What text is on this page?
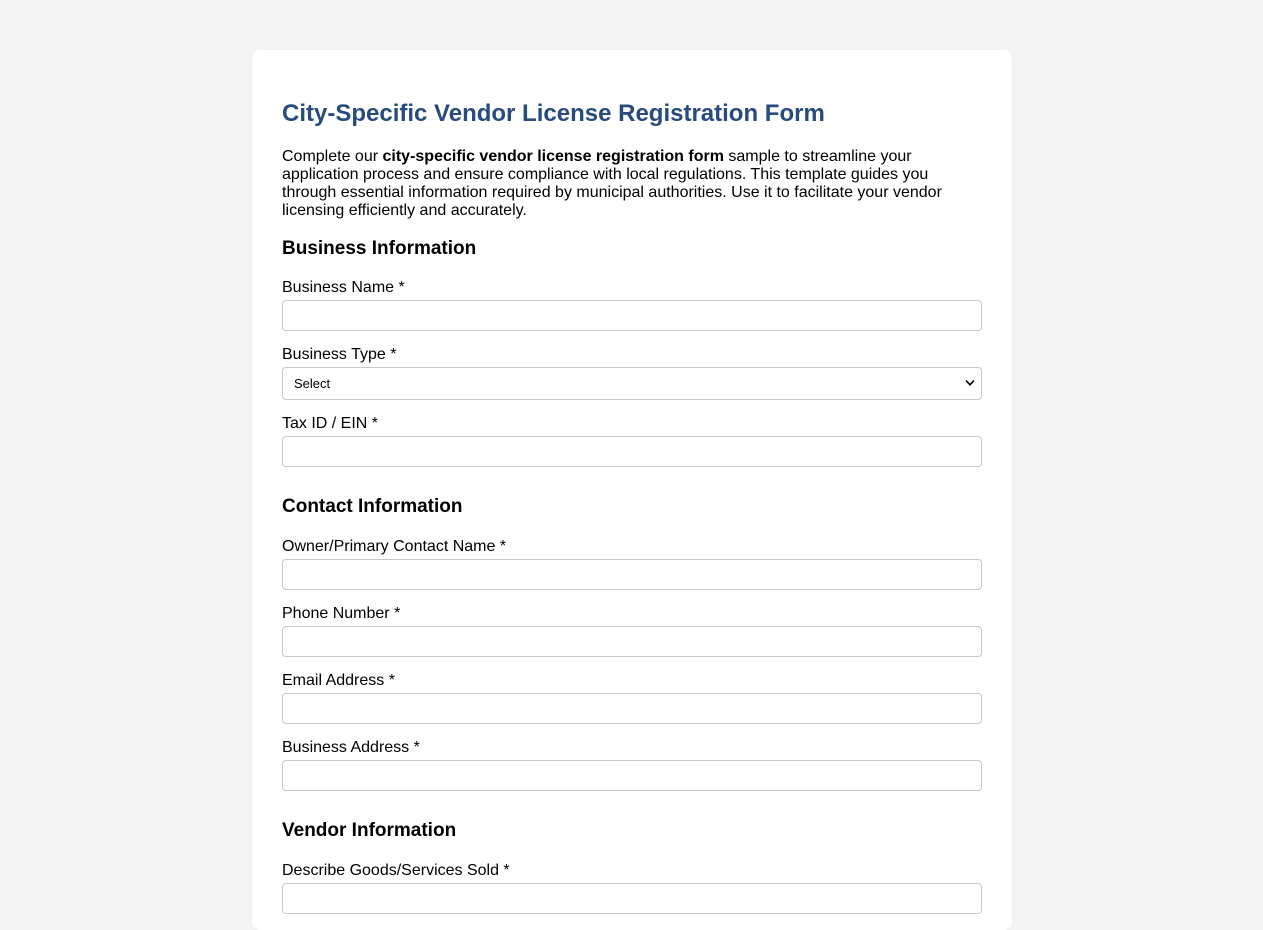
City-Specific Vendor License Registration Form

Complete our city-specific vendor license registration form sample to streamline your application process and ensure compliance with local regulations. This template guides you through essential information required by municipal authorities. Use it to facilitate your vendor licensing efficiently and accurately.

Business Information
Business Name *
Business Type *
Select
Tax ID / EIN *
Contact Information
Owner/Primary Contact Name *
Phone Number *
Email Address *
Business Address *
Vendor Information
Describe Goods/Services Sold *
